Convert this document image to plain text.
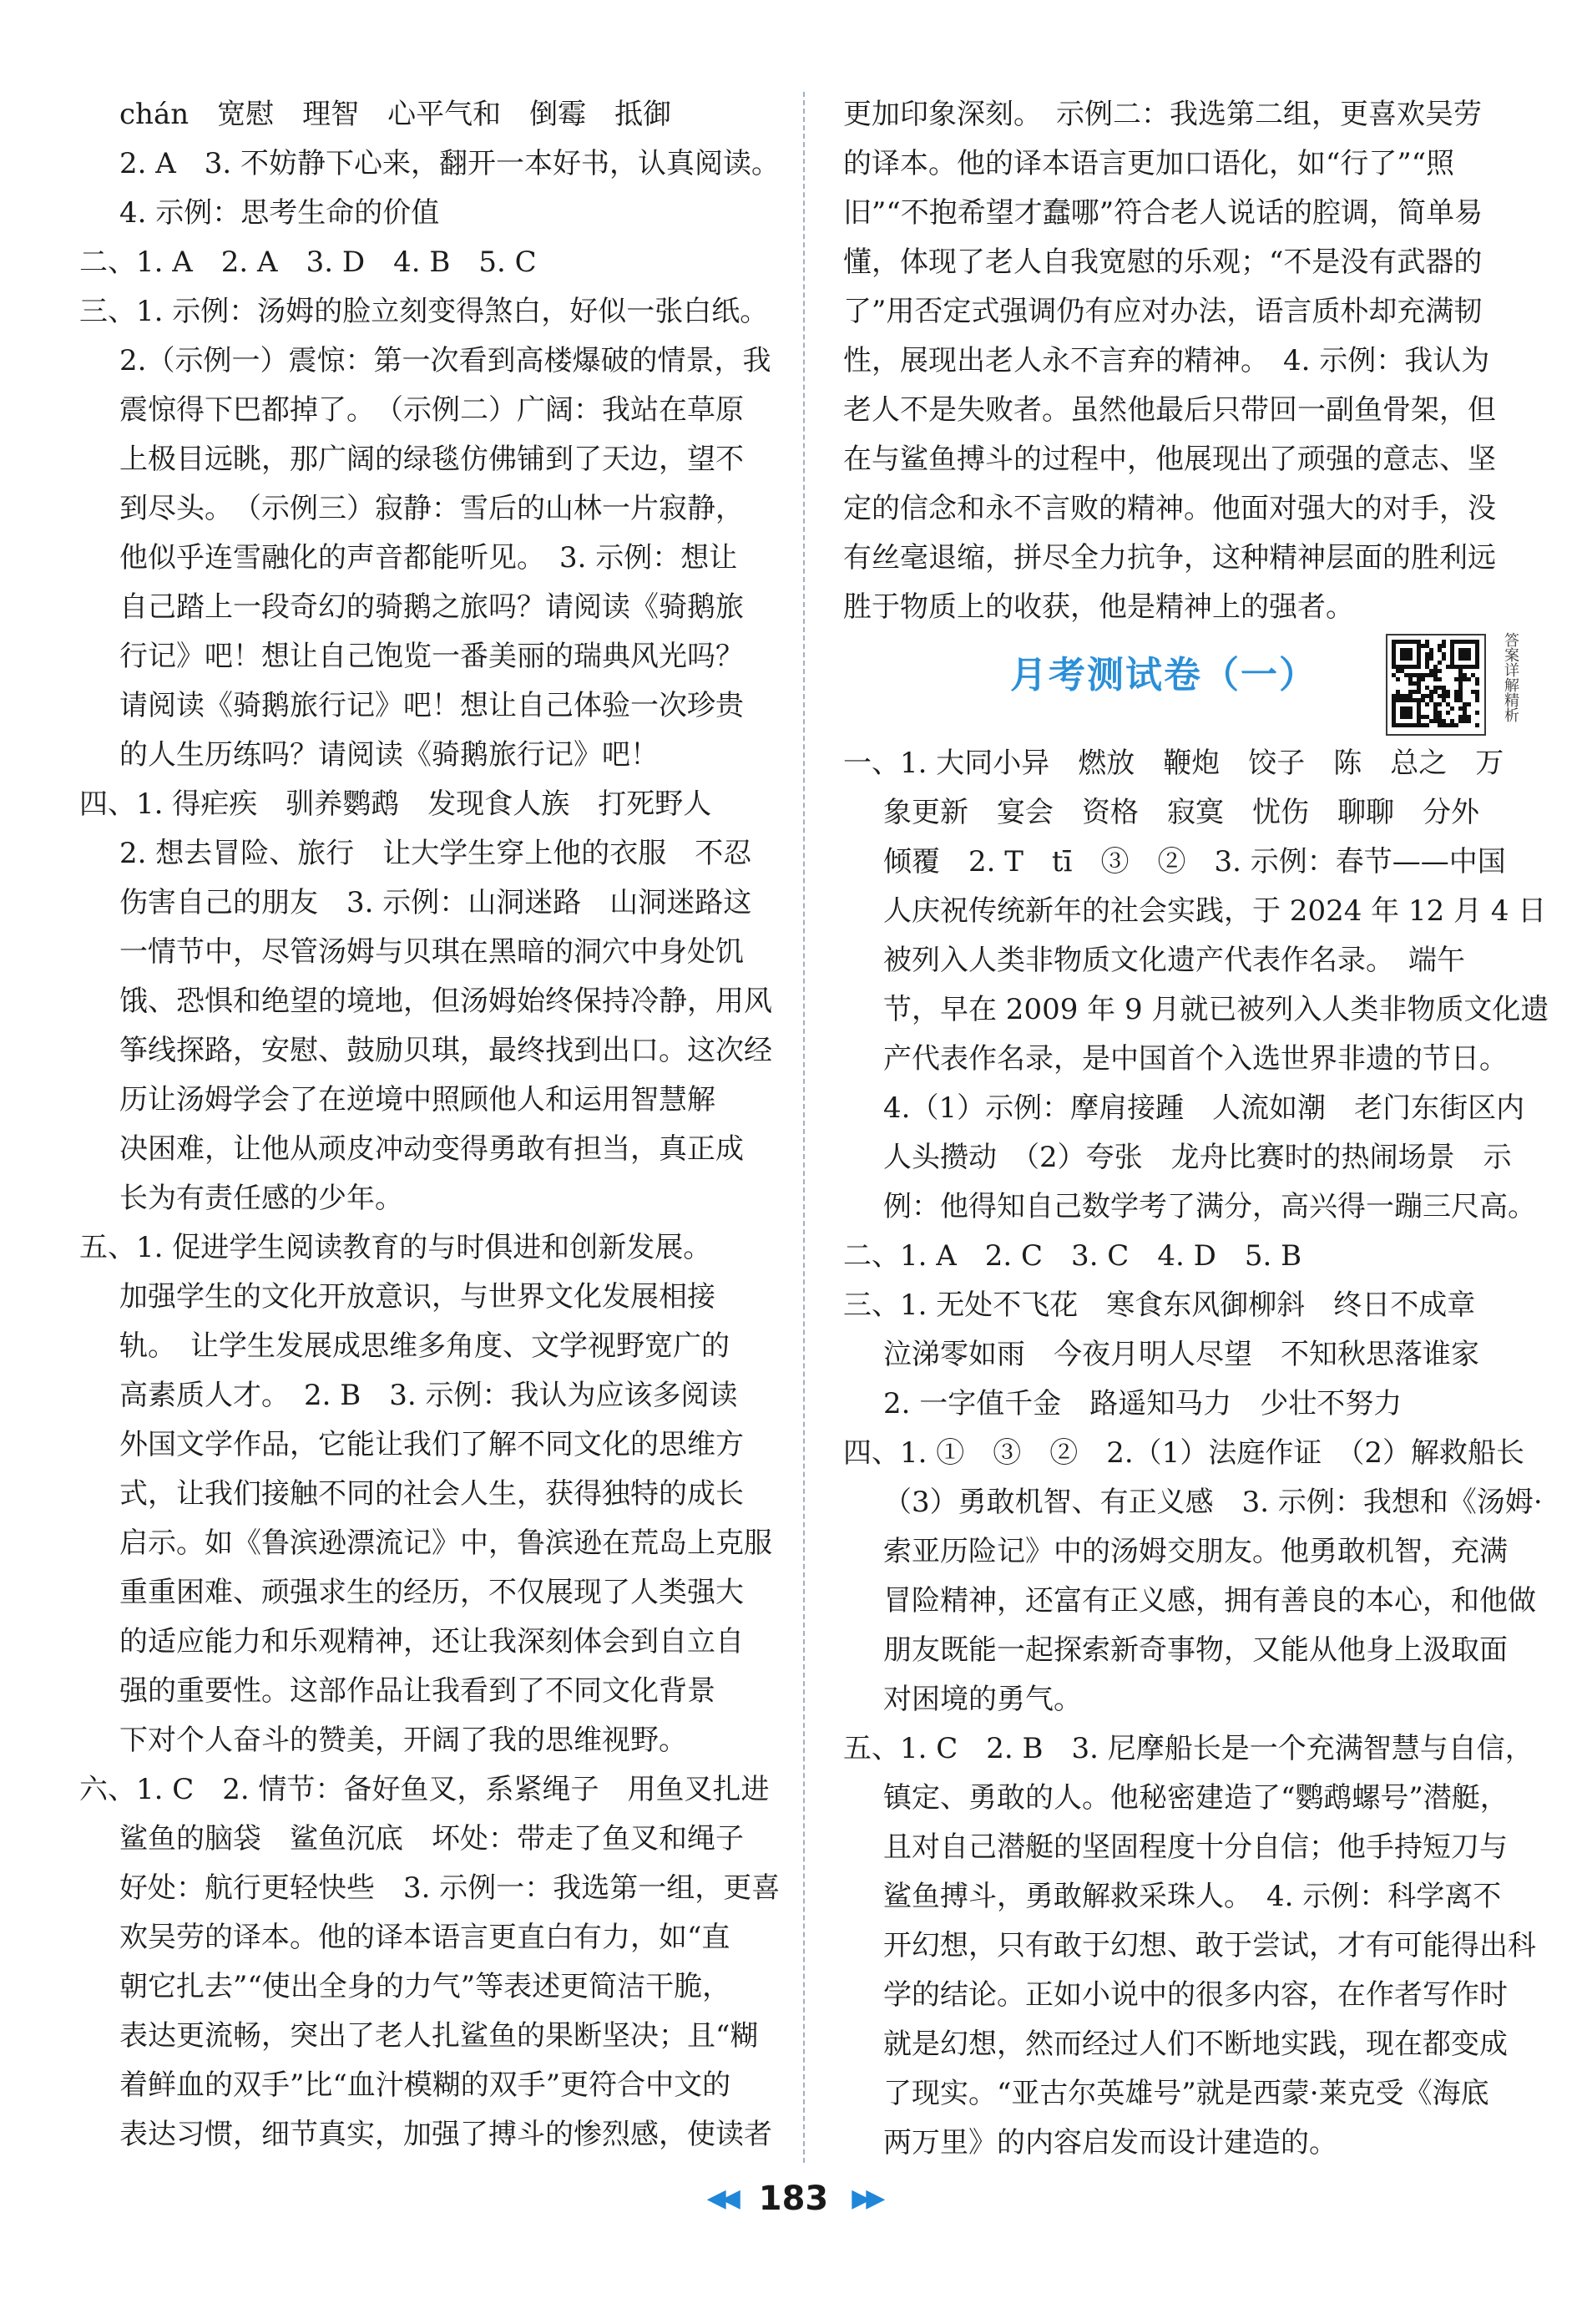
chán　宽慰　理智　心平气和　倒霉　抵御

2. A　3. 不妨静下心来，翻开一本好书，认真阅读。

4. 示例：思考生命的价值

二、1. A　2. A　3. D　4. B　5. C

三、1. 示例：汤姆的脸立刻变得煞白，好似一张白纸。

2.（示例一）震惊：第一次看到高楼爆破的情景，我

震惊得下巴都掉了。　（示例二）广阔：我站在草原

上极目远眺，那广阔的绿毯仿佛铺到了天边，望不

到尽头。　（示例三）寂静：雪后的山林一片寂静，

他似乎连雪融化的声音都能听见。　3. 示例：想让

自己踏上一段奇幻的骑鹅之旅吗？请阅读《骑鹅旅

行记》吧！想让自己饱览一番美丽的瑞典风光吗？

请阅读《骑鹅旅行记》吧！想让自己体验一次珍贵

的人生历练吗？请阅读《骑鹅旅行记》吧！

四、1. 得疟疾　驯养鹦鹉　发现食人族　打死野人

2. 想去冒险、旅行　让大学生穿上他的衣服　不忍

伤害自己的朋友　3. 示例：山洞迷路　山洞迷路这

一情节中，尽管汤姆与贝琪在黑暗的洞穴中身处饥

饿、恐惧和绝望的境地，但汤姆始终保持冷静，用风

筝线探路，安慰、鼓励贝琪，最终找到出口。这次经

历让汤姆学会了在逆境中照顾他人和运用智慧解

决困难，让他从顽皮冲动变得勇敢有担当，真正成

长为有责任感的少年。

五、1. 促进学生阅读教育的与时俱进和创新发展。

加强学生的文化开放意识，与世界文化发展相接

轨。　让学生发展成思维多角度、文学视野宽广的

高素质人才。　2. B　3. 示例：我认为应该多阅读

外国文学作品，它能让我们了解不同文化的思维方

式，让我们接触不同的社会人生，获得独特的成长

启示。如《鲁滨逊漂流记》中，鲁滨逊在荒岛上克服

重重困难、顽强求生的经历，不仅展现了人类强大

的适应能力和乐观精神，还让我深刻体会到自立自

强的重要性。这部作品让我看到了不同文化背景

下对个人奋斗的赞美，开阔了我的思维视野。

六、1. C　2. 情节：备好鱼叉，系紧绳子　用鱼叉扎进

鲨鱼的脑袋　鲨鱼沉底　坏处：带走了鱼叉和绳子

好处：航行更轻快些　3. 示例一：我选第一组，更喜

欢吴劳的译本。他的译本语言更直白有力，如“直

朝它扎去”“使出全身的力气”等表述更简洁干脆，

表达更流畅，突出了老人扎鲨鱼的果断坚决；且“糊

着鲜血的双手”比“血汁模糊的双手”更符合中文的

表达习惯，细节真实，加强了搏斗的惨烈感，使读者

更加印象深刻。　示例二：我选第二组，更喜欢吴劳

的译本。他的译本语言更加口语化，如“行了”“照

旧”“不抱希望才蠢哪”符合老人说话的腔调，简单易

懂，体现了老人自我宽慰的乐观；“不是没有武器的

了”用否定式强调仍有应对办法，语言质朴却充满韧

性，展现出老人永不言弃的精神。　4. 示例：我认为

老人不是失败者。虽然他最后只带回一副鱼骨架，但

在与鲨鱼搏斗的过程中，他展现出了顽强的意志、坚

定的信念和永不言败的精神。他面对强大的对手，没

有丝毫退缩，拼尽全力抗争，这种精神层面的胜利远

胜于物质上的收获，他是精神上的强者。

月考测试卷（一）	答案详解精析

一、1. 大同小异　燃放　鞭炮　饺子　陈　总之　万

象更新　宴会　资格　寂寞　忧伤　聊聊　分外

倾覆　2. T　tī　③　②　3. 示例：春节——中国

人庆祝传统新年的社会实践，于 2024 年 12 月 4 日

被列入人类非物质文化遗产代表作名录。　端午

节，早在 2009 年 9 月就已被列入人类非物质文化遗

产代表作名录，是中国首个入选世界非遗的节日。

4.（1）示例：摩肩接踵　人流如潮　老门东街区内

人头攒动　（2）夸张　龙舟比赛时的热闹场景　示

例：他得知自己数学考了满分，高兴得一蹦三尺高。

二、1. A　2. C　3. C　4. D　5. B

三、1. 无处不飞花　寒食东风御柳斜　终日不成章

泣涕零如雨　今夜月明人尽望　不知秋思落谁家

2. 一字值千金　路遥知马力　少壮不努力

四、1. ①　③　②　2.（1）法庭作证　（2）解救船长

（3）勇敢机智、有正义感　3. 示例：我想和《汤姆·

索亚历险记》中的汤姆交朋友。他勇敢机智，充满

冒险精神，还富有正义感，拥有善良的本心，和他做

朋友既能一起探索新奇事物，又能从他身上汲取面

对困境的勇气。

五、1. C　2. B　3. 尼摩船长是一个充满智慧与自信，

镇定、勇敢的人。他秘密建造了“鹦鹉螺号”潜艇，

且对自己潜艇的坚固程度十分自信；他手持短刀与

鲨鱼搏斗，勇敢解救采珠人。　4. 示例：科学离不

开幻想，只有敢于幻想、敢于尝试，才有可能得出科

学的结论。正如小说中的很多内容，在作者写作时

就是幻想，然而经过人们不断地实践，现在都变成

了现实。“亚古尔英雄号”就是西蒙·莱克受《海底

两万里》的内容启发而设计建造的。

◀◀ 183 ▶▶
